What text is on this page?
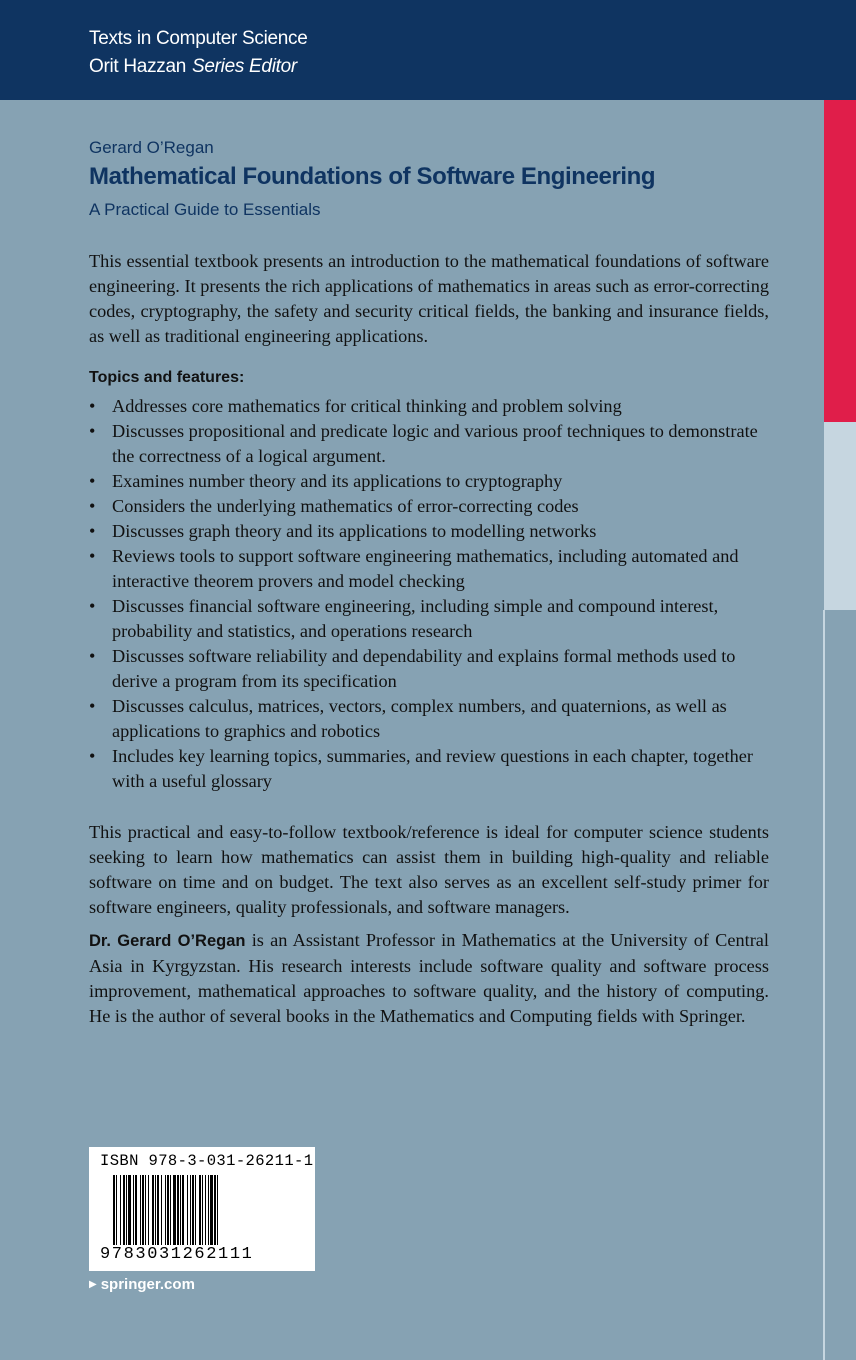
Texts in Computer Science
Orit Hazzan Series Editor
Gerard O’Regan
Mathematical Foundations of Software Engineering
A Practical Guide to Essentials

This essential textbook presents an introduction to the mathematical foundations of software engineering. It presents the rich applications of mathematics in areas such as error-correcting codes, cryptography, the safety and security critical fields, the banking and insurance fields, as well as traditional engineering applications.

Topics and features:
• Addresses core mathematics for critical thinking and problem solving
• Discusses propositional and predicate logic and various proof techniques to demonstrate the correctness of a logical argument.
• Examines number theory and its applications to cryptography
• Considers the underlying mathematics of error-correcting codes
• Discusses graph theory and its applications to modelling networks
• Reviews tools to support software engineering mathematics, including automated and interactive theorem provers and model checking
• Discusses financial software engineering, including simple and compound interest, probability and statistics, and operations research
• Discusses software reliability and dependability and explains formal methods used to derive a program from its specification
• Discusses calculus, matrices, vectors, complex numbers, and quaternions, as well as applications to graphics and robotics
• Includes key learning topics, summaries, and review questions in each chapter, together with a useful glossary

This practical and easy-to-follow textbook/reference is ideal for computer science students seeking to learn how mathematics can assist them in building high-quality and reliable software on time and on budget. The text also serves as an excellent self-study primer for software engineers, quality professionals, and software managers.

Dr. Gerard O’Regan is an Assistant Professor in Mathematics at the University of Central Asia in Kyrgyzstan. His research interests include software quality and software process improvement, mathematical approaches to software quality, and the history of computing. He is the author of several books in the Mathematics and Computing fields with Springer.

ISBN 978-3-031-26211-1
9783031262111
▶ springer.com
